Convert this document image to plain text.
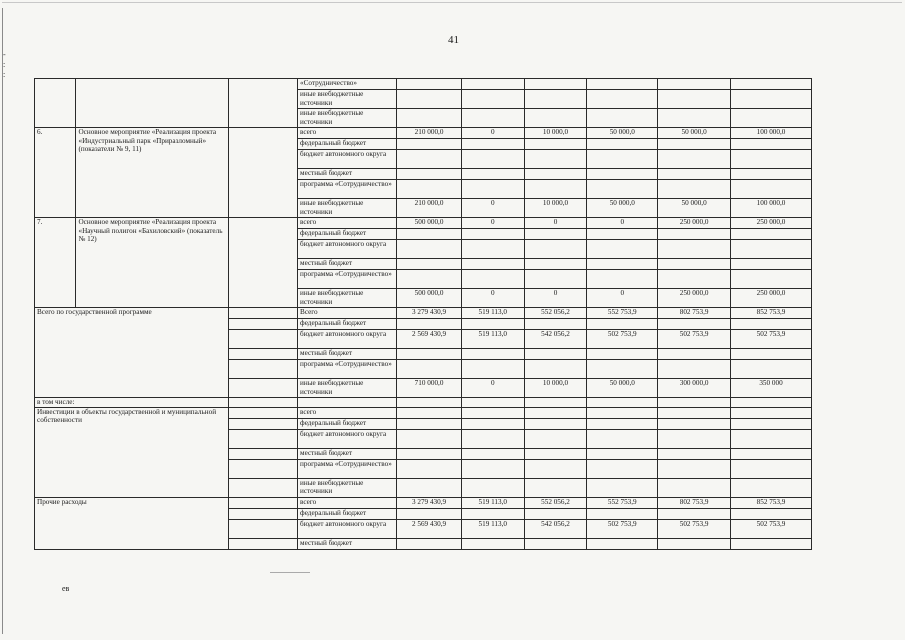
-
:
:
41
			«Сотрудничество»						
			иные внебюджетные источники						
			иные внебюджетные источники						
6.	Основное мероприятие «Реализация проекта «Индустриальный парк «Приразломный» (показатели № 9, 11)		всего	210 000,0	0	10 000,0	50 000,0	50 000,0	100 000,0
			федеральный бюджет						
			бюджет автономного округа						
			местный бюджет						
			программа «Сотрудничество»						
			иные внебюджетные источники	210 000,0	0	10 000,0	50 000,0	50 000,0	100 000,0
7.	Основное мероприятие «Реализация проекта «Научный полигон «Бахиловский» (показатель № 12)		всего	500 000,0	0	0	0	250 000,0	250 000,0
			федеральный бюджет						
			бюджет автономного округа						
			местный бюджет						
			программа «Сотрудничество»						
			иные внебюджетные источники	500 000,0	0	0	0	250 000,0	250 000,0
Всего по государственной программе			Всего	3 279 430,9	519 113,0	552 056,2	552 753,9	802 753,9	852 753,9
			федеральный бюджет						
			бюджет автономного округа	2 569 430,9	519 113,0	542 056,2	502 753,9	502 753,9	502 753,9
			местный бюджет						
			программа «Сотрудничество»						
			иные внебюджетные источники	710 000,0	0	10 000,0	50 000,0	300 000,0	350 000
в том числе:									
Инвестиции в объекты государственной и муниципальной собственности			всего						
			федеральный бюджет						
			бюджет автономного округа						
			местный бюджет						
			программа «Сотрудничество»						
			иные внебюджетные источники						
Прочие расходы			всего	3 279 430,9	519 113,0	552 056,2	552 753,9	802 753,9	852 753,9
			федеральный бюджет						
			бюджет автономного округа	2 569 430,9	519 113,0	542 056,2	502 753,9	502 753,9	502 753,9
			местный бюджет						
ев
